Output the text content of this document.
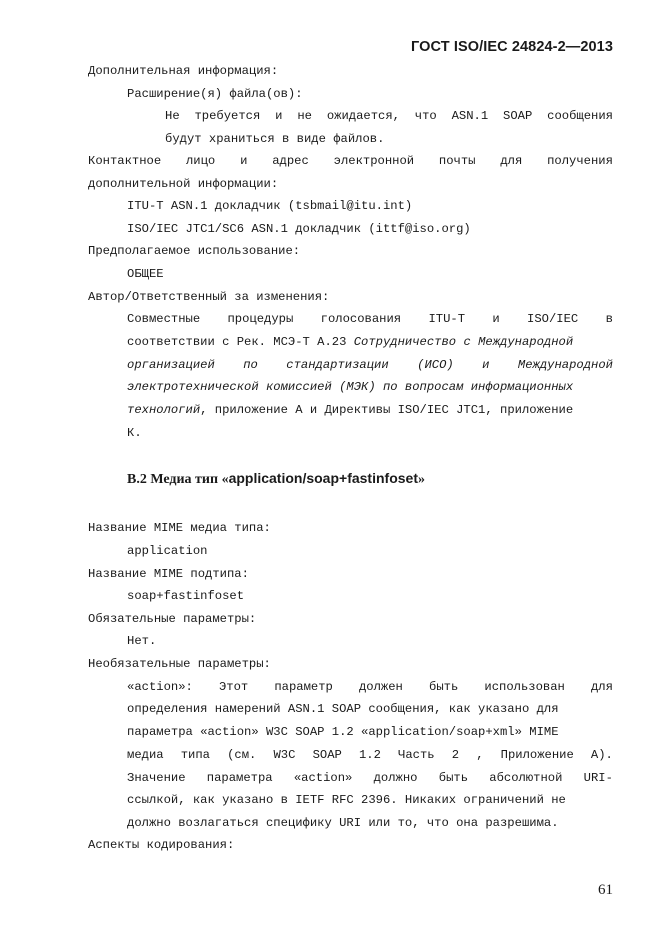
ГОСТ ISO/IEC 24824-2—2013
Дополнительная информация:
Расширение(я) файла(ов):
Не требуется и не ожидается, что ASN.1 SOAP сообщения
будут храниться в виде файлов.
Контактное лицо и адрес электронной почты для получения
дополнительной информации:
ITU-T ASN.1 докладчик (tsbmail@itu.int)
ISO/IEC JTC1/SC6 ASN.1 докладчик (ittf@iso.org)
Предполагаемое использование:
ОБЩЕЕ
Автор/Ответственный за изменения:
Совместные процедуры голосования ITU-T и ISO/IEC в
соответствии с Рек. МСЭ-Т А.23 Сотрудничество с Международной
организацией по стандартизации (ИСО) и Международной
электротехнической комиссией (МЭК) по вопросам информационных
технологий, приложение А и Директивы ISO/IEC JTC1, приложение
К.
B.2 Медиа тип «application/soap+fastinfoset»
Название MIME медиа типа:
application
Название MIME подтипа:
soap+fastinfoset
Обязательные параметры:
Нет.
Необязательные параметры:
«action»: Этот параметр должен быть использован для
определения намерений ASN.1 SOAP сообщения, как указано для
параметра «action» W3C SOAP 1.2 «application/soap+xml» MIME
медиа типа (см. W3C SOAP 1.2 Часть 2 , Приложение А).
Значение параметра «action» должно быть абсолютной URI-
ссылкой, как указано в IETF RFC 2396. Никаких ограничений не
должно возлагаться специфику URI или то, что она разрешима.
Аспекты кодирования:
61
